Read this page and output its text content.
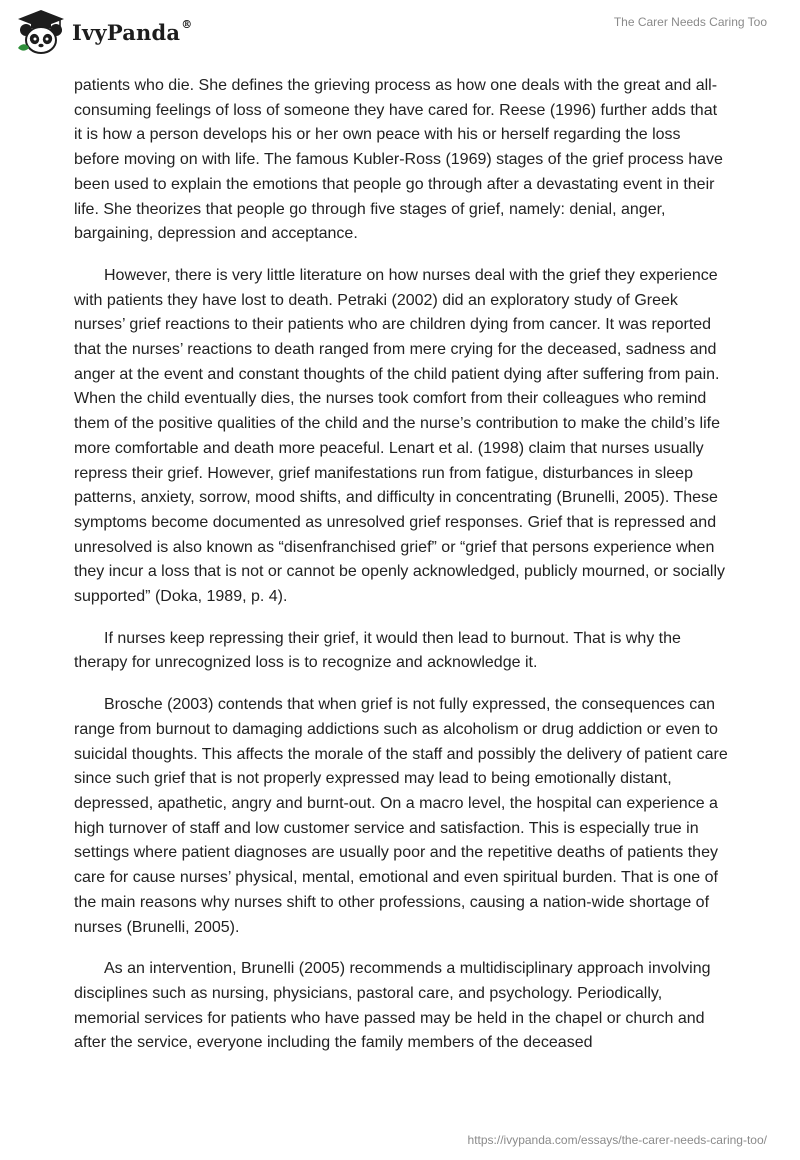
IvyPanda®	The Carer Needs Caring Too

patients who die. She defines the grieving process as how one deals with the great and all-consuming feelings of loss of someone they have cared for. Reese (1996) further adds that it is how a person develops his or her own peace with his or herself regarding the loss before moving on with life. The famous Kubler-Ross (1969) stages of the grief process have been used to explain the emotions that people go through after a devastating event in their life. She theorizes that people go through five stages of grief, namely: denial, anger, bargaining, depression and acceptance.

However, there is very little literature on how nurses deal with the grief they experience with patients they have lost to death. Petraki (2002) did an exploratory study of Greek nurses’ grief reactions to their patients who are children dying from cancer. It was reported that the nurses’ reactions to death ranged from mere crying for the deceased, sadness and anger at the event and constant thoughts of the child patient dying after suffering from pain. When the child eventually dies, the nurses took comfort from their colleagues who remind them of the positive qualities of the child and the nurse’s contribution to make the child’s life more comfortable and death more peaceful. Lenart et al. (1998) claim that nurses usually repress their grief. However, grief manifestations run from fatigue, disturbances in sleep patterns, anxiety, sorrow, mood shifts, and difficulty in concentrating (Brunelli, 2005). These symptoms become documented as unresolved grief responses. Grief that is repressed and unresolved is also known as “disenfranchised grief” or “grief that persons experience when they incur a loss that is not or cannot be openly acknowledged, publicly mourned, or socially supported” (Doka, 1989, p. 4).

If nurses keep repressing their grief, it would then lead to burnout. That is why the therapy for unrecognized loss is to recognize and acknowledge it.

Brosche (2003) contends that when grief is not fully expressed, the consequences can range from burnout to damaging addictions such as alcoholism or drug addiction or even to suicidal thoughts. This affects the morale of the staff and possibly the delivery of patient care since such grief that is not properly expressed may lead to being emotionally distant, depressed, apathetic, angry and burnt-out. On a macro level, the hospital can experience a high turnover of staff and low customer service and satisfaction. This is especially true in settings where patient diagnoses are usually poor and the repetitive deaths of patients they care for cause nurses’ physical, mental, emotional and even spiritual burden. That is one of the main reasons why nurses shift to other professions, causing a nation-wide shortage of nurses (Brunelli, 2005).

As an intervention, Brunelli (2005) recommends a multidisciplinary approach involving disciplines such as nursing, physicians, pastoral care, and psychology. Periodically, memorial services for patients who have passed may be held in the chapel or church and after the service, everyone including the family members of the deceased

https://ivypanda.com/essays/the-carer-needs-caring-too/
